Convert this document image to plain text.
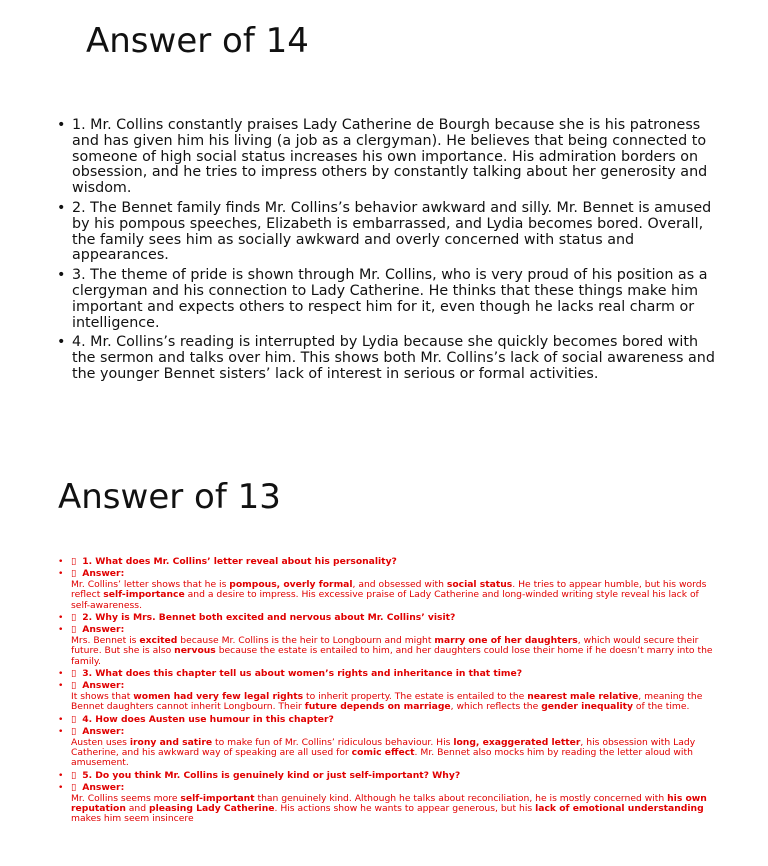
Answer of 14
• 1. Mr. Collins constantly praises Lady Catherine de Bourgh because she is his patroness and has given him his living (a job as a clergyman). He believes that being connected to someone of high social status increases his own importance. His admiration borders on obsession, and he tries to impress others by constantly talking about her generosity and wisdom.
• 2. The Bennet family finds Mr. Collins’s behavior awkward and silly. Mr. Bennet is amused by his pompous speeches, Elizabeth is embarrassed, and Lydia becomes bored. Overall, the family sees him as socially awkward and overly concerned with status and appearances.
• 3. The theme of pride is shown through Mr. Collins, who is very proud of his position as a clergyman and his connection to Lady Catherine. He thinks that these things make him important and expects others to respect him for it, even though he lacks real charm or intelligence.
• 4. Mr. Collins’s reading is interrupted by Lydia because she quickly becomes bored with the sermon and talks over him. This shows both Mr. Collins’s lack of social awareness and the younger Bennet sisters’ lack of interest in serious or formal activities.
Answer of 13
• ▯ 1. What does Mr. Collins’ letter reveal about his personality?
• ▯ Answer:
Mr. Collins’ letter shows that he is pompous, overly formal, and obsessed with social status. He tries to appear humble, but his words reflect self-importance and a desire to impress. His excessive praise of Lady Catherine and long-winded writing style reveal his lack of self-awareness.
• ▯ 2. Why is Mrs. Bennet both excited and nervous about Mr. Collins’ visit?
• ▯ Answer:
Mrs. Bennet is excited because Mr. Collins is the heir to Longbourn and might marry one of her daughters, which would secure their future. But she is also nervous because the estate is entailed to him, and her daughters could lose their home if he doesn’t marry into the family.
• ▯ 3. What does this chapter tell us about women’s rights and inheritance in that time?
• ▯ Answer:
It shows that women had very few legal rights to inherit property. The estate is entailed to the nearest male relative, meaning the Bennet daughters cannot inherit Longbourn. Their future depends on marriage, which reflects the gender inequality of the time.
• ▯ 4. How does Austen use humour in this chapter?
• ▯ Answer:
Austen uses irony and satire to make fun of Mr. Collins’ ridiculous behaviour. His long, exaggerated letter, his obsession with Lady Catherine, and his awkward way of speaking are all used for comic effect. Mr. Bennet also mocks him by reading the letter aloud with amusement.
• ▯ 5. Do you think Mr. Collins is genuinely kind or just self-important? Why?
• ▯ Answer:
Mr. Collins seems more self-important than genuinely kind. Although he talks about reconciliation, he is mostly concerned with his own reputation and pleasing Lady Catherine. His actions show he wants to appear generous, but his lack of emotional understanding makes him seem insincere
